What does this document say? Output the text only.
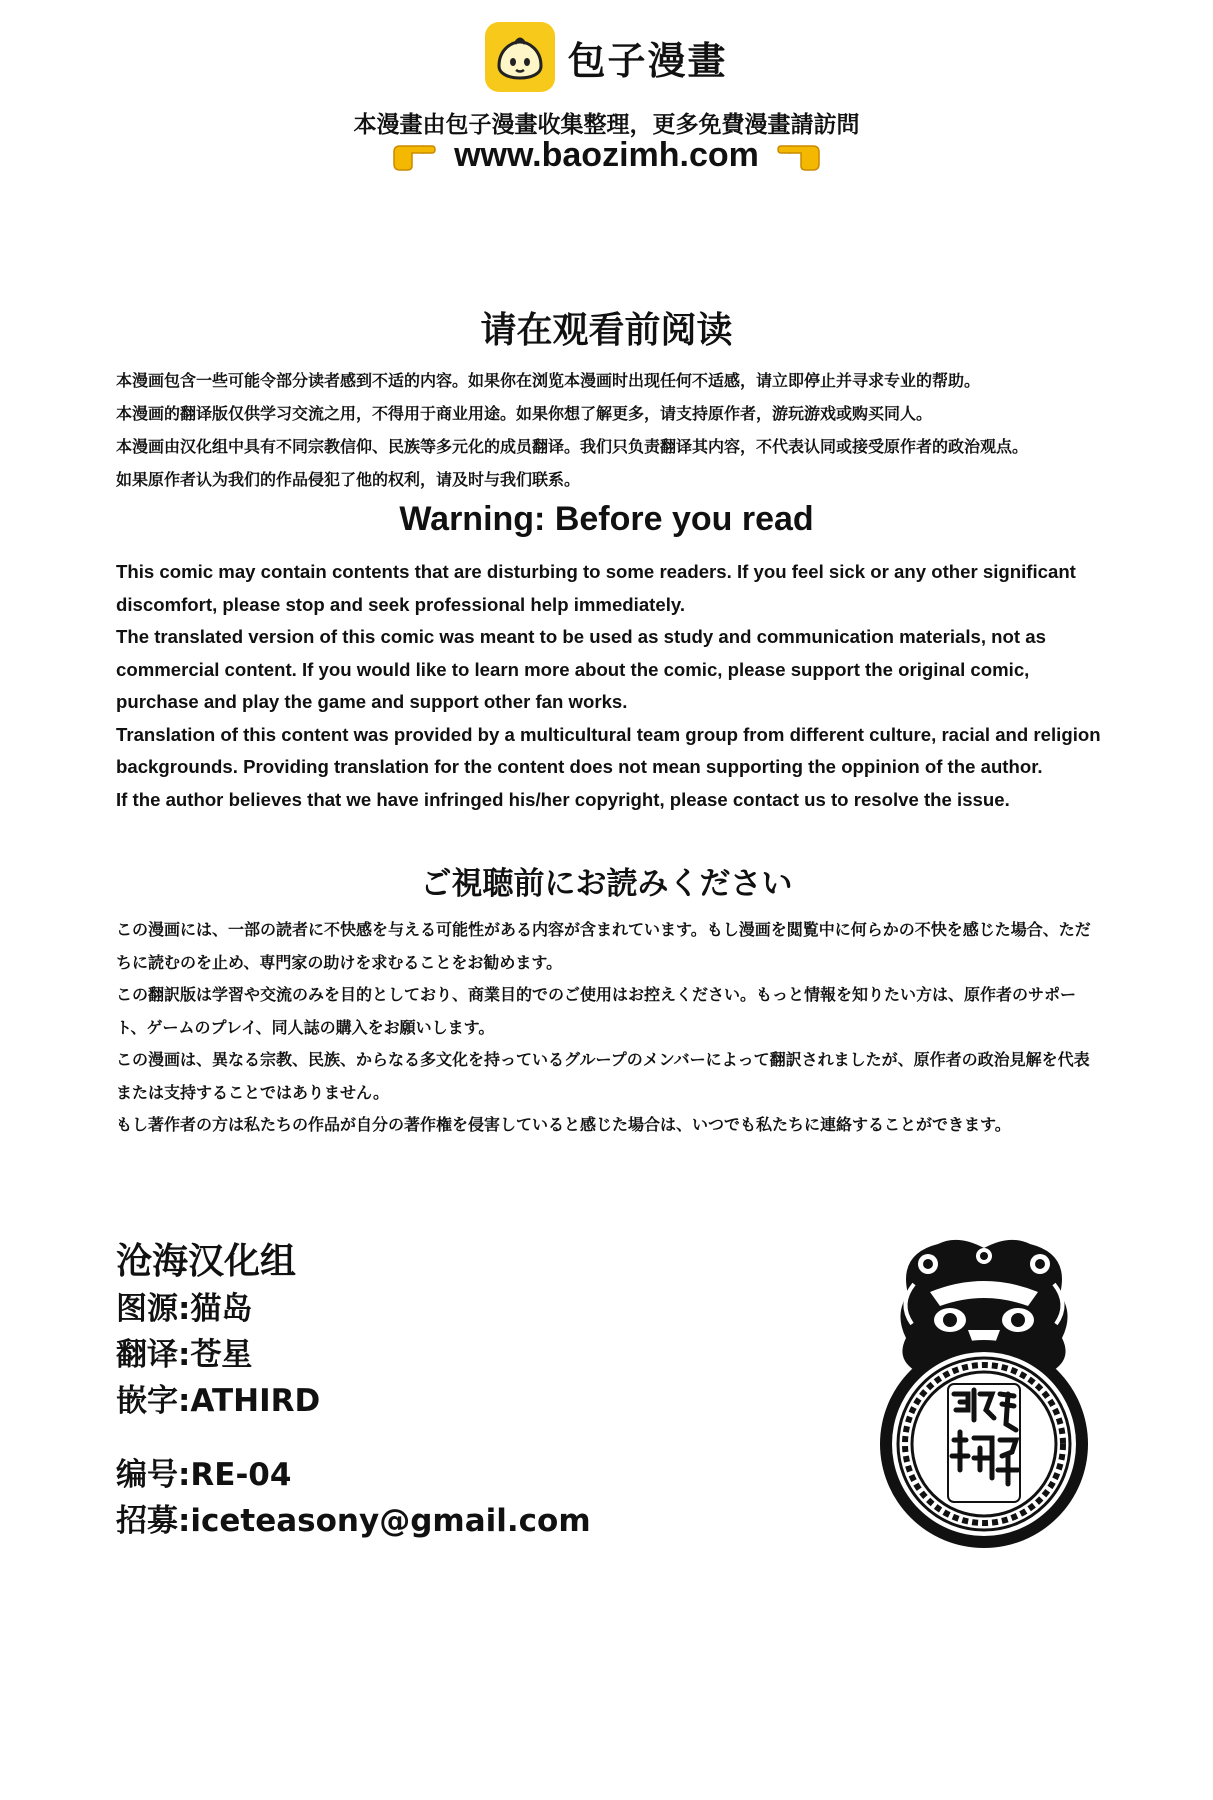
包子漫畫
本漫畫由包子漫畫收集整理，更多免費漫畫請訪問
www.baozimh.com
请在观看前阅读

本漫画包含一些可能令部分读者感到不适的内容。如果你在浏览本漫画时出现任何不适感，请立即停止并寻求专业的帮助。

本漫画的翻译版仅供学习交流之用，不得用于商业用途。如果你想了解更多，请支持原作者，游玩游戏或购买同人。

本漫画由汉化组中具有不同宗教信仰、民族等多元化的成员翻译。我们只负责翻译其内容，不代表认同或接受原作者的政治观点。

如果原作者认为我们的作品侵犯了他的权利，请及时与我们联系。

Warning: Before you read

This comic may contain contents that are disturbing to some readers. If you feel sick or any other significant discomfort, please stop and seek professional help immediately.

The translated version of this comic was meant to be used as study and communication materials, not as commercial content. If you would like to learn more about the comic, please support the original comic, purchase and play the game and support other fan works.

Translation of this content was provided by a multicultural team group from different culture, racial and religion backgrounds. Providing translation for the content does not mean supporting the oppinion of the author.

If the author believes that we have infringed his/her copyright, please contact us to resolve the issue.

ご視聴前にお読みください

この漫画には、一部の読者に不快感を与える可能性がある内容が含まれています。もし漫画を閲覧中に何らかの不快を感じた場合、ただちに読むのを止め、専門家の助けを求むることをお勧めます。

この翻訳版は学習や交流のみを目的としており、商業目的でのご使用はお控えください。もっと情報を知りたい方は、原作者のサポート、ゲームのプレイ、同人誌の購入をお願いします。

この漫画は、異なる宗教、民族、からなる多文化を持っているグループのメンバーによって翻訳されましたが、原作者の政治見解を代表または支持することではありません。

もし著作者の方は私たちの作品が自分の著作権を侵害していると感じた場合は、いつでも私たちに連絡することができます。

沧海汉化组
图源:猫岛
翻译:苍星
嵌字:ATHIRD
编号:RE-04
招募:iceteasony@gmail.com
